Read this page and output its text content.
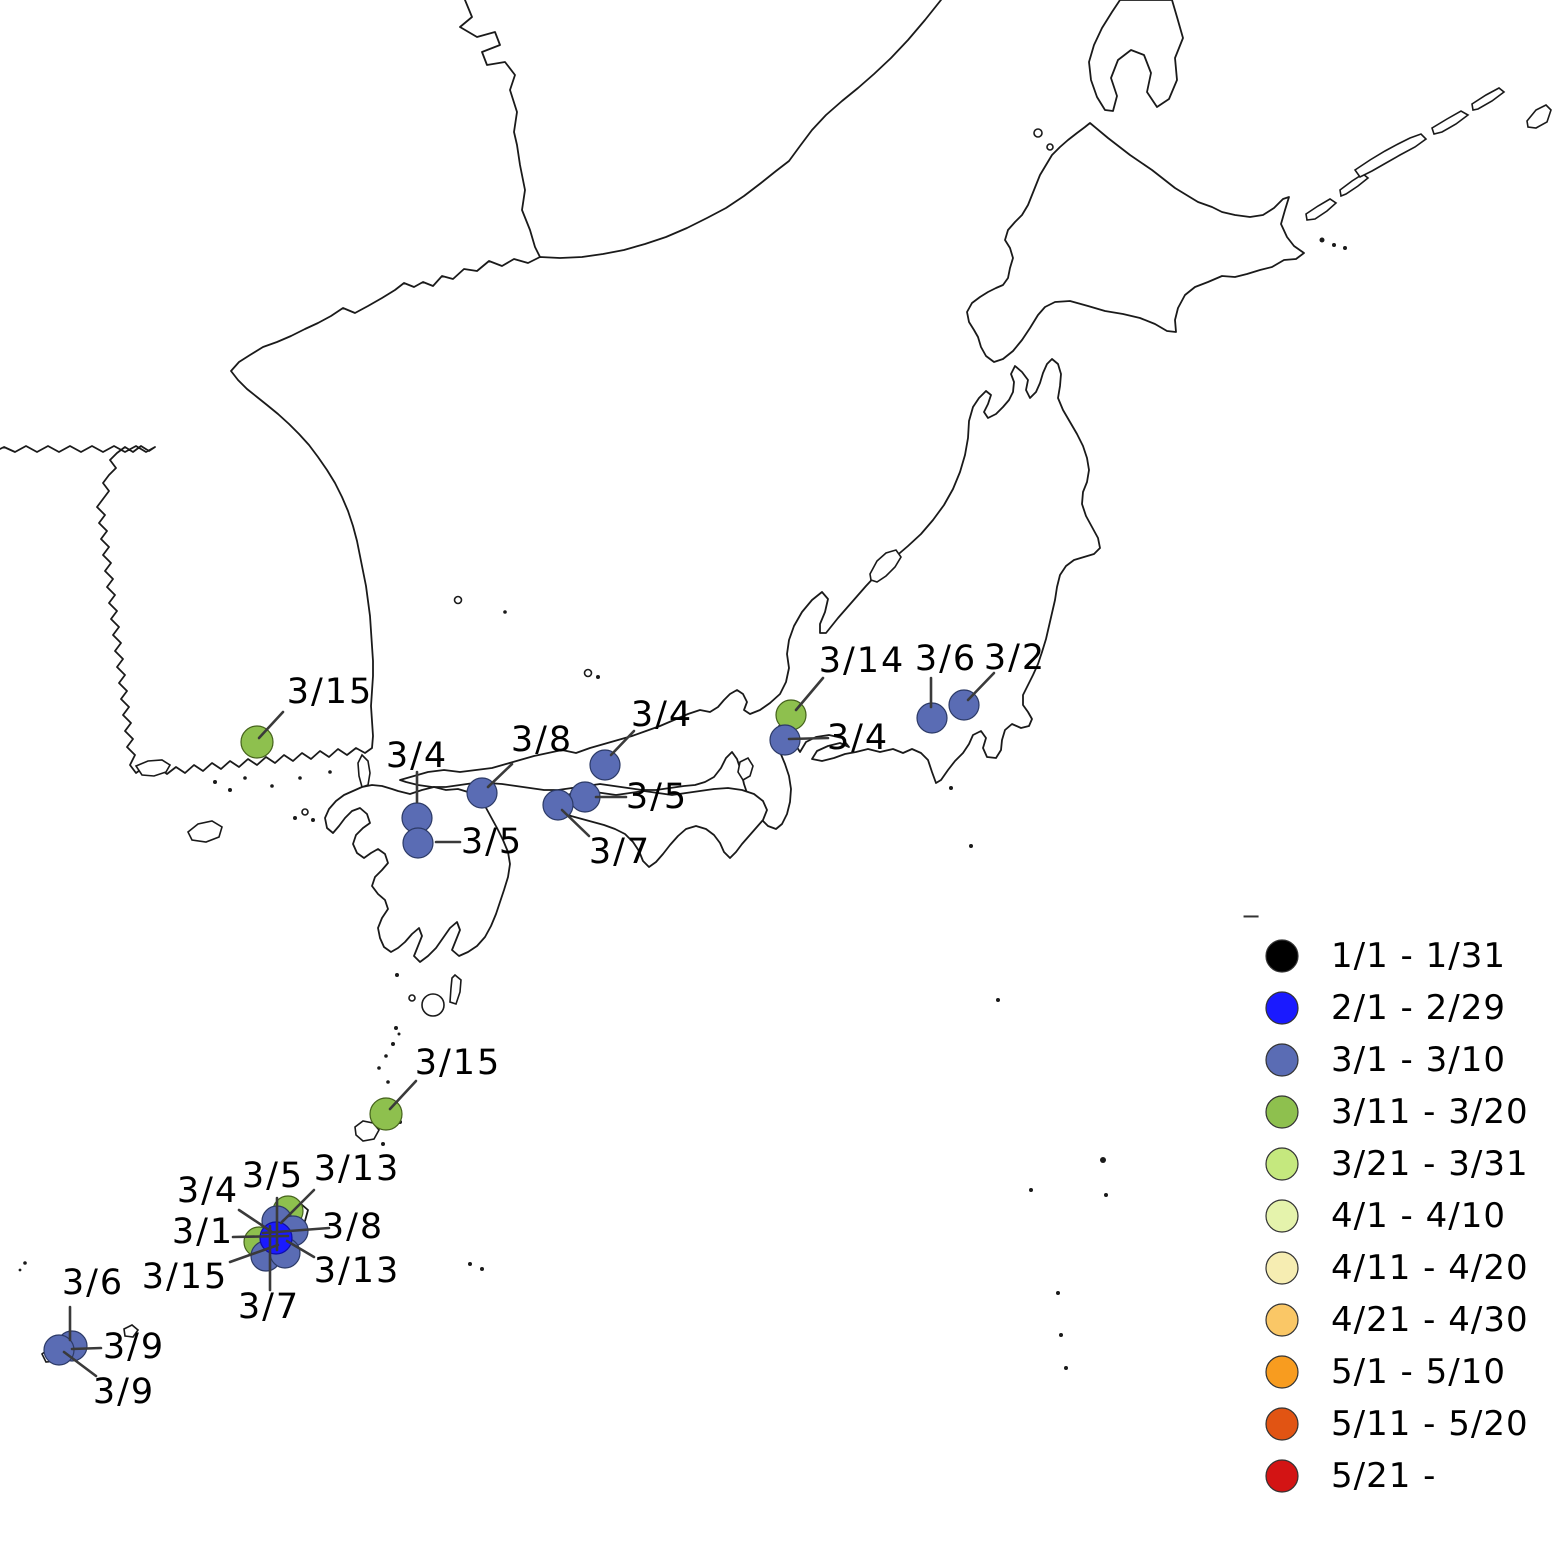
3/15
3/4
3/5
3/8
3/4
3/5
3/7
3/14
3/4
3/6 3/2
3/15
3/4 3/5 3/13
3/1	3/8
3/15 3/13
3/7
3/6
3/9
3/9
−
1/1 - 1/31
2/1 - 2/29
3/1 - 3/10
3/11 - 3/20
3/21 - 3/31
4/1 - 4/10
4/11 - 4/20
4/21 - 4/30
5/1 - 5/10
5/11 - 5/20
5/21 -
